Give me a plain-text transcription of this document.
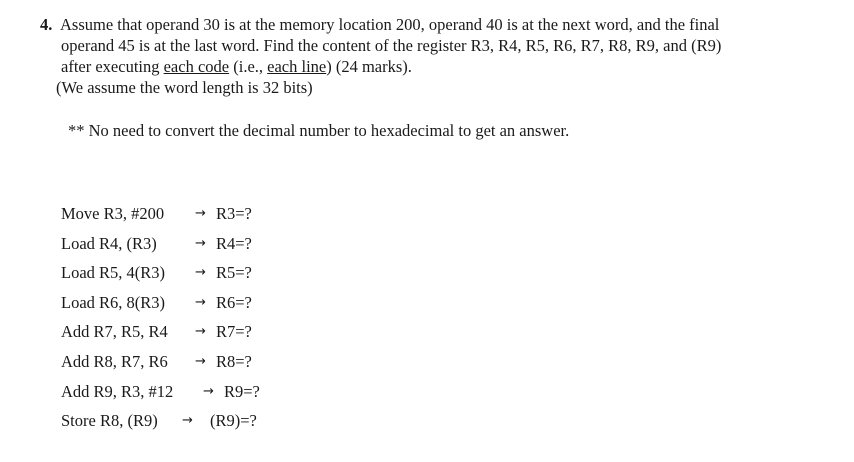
4. Assume that operand 30 is at the memory location 200, operand 40 is at the next word, and the final
operand 45 is at the last word. Find the content of the register R3, R4, R5, R6, R7, R8, R9, and (R9)
after executing each code (i.e., each line) (24 marks).
(We assume the word length is 32 bits)
** No need to convert the decimal number to hexadecimal to get an answer.
Move R3, #200 → R3=?
Load R4, (R3)	→ R4=?
Load R5, 4(R3) → R5=?
Load R6, 8(R3) → R6=?
Add R7, R5, R4 → R7=?
Add R8, R7, R6 → R8=?
Add R9, R3, #12 → R9=?
Store R8, (R9) → (R9)=?
